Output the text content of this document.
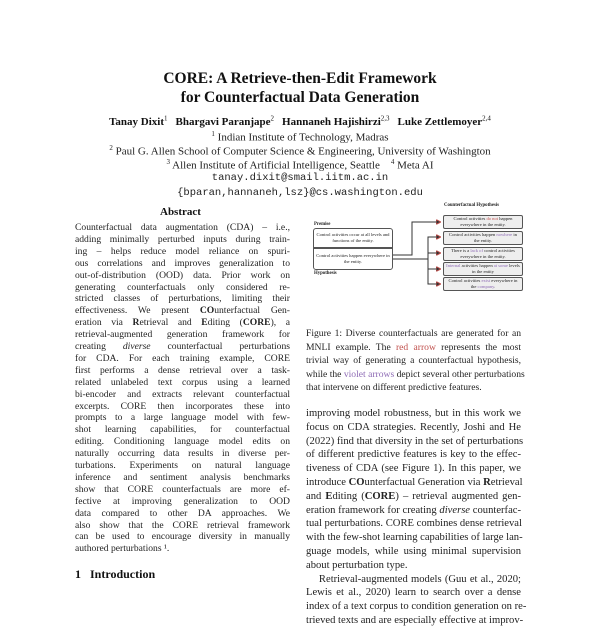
CORE: A Retrieve-then-Edit Framework
for Counterfactual Data Generation
Tanay Dixit$^1$ Bhargavi Paranjape$^2$ Hannaneh Hajishirzi$^{2,3}$ Luke Zettlemoyer$^{2,4}$
$^1$ Indian Institute of Technology, Madras
$^2$ Paul G. Allen School of Computer Science & Engineering, University of Washington
$^3$ Allen Institute of Artificial Intelligence, Seattle $^4$ Meta AI
tanay.dixit@smail.iitm.ac.in
{bparan,hannaneh,lsz}@cs.washington.edu
Abstract
Counterfactual data augmentation (CDA) – i.e.,
adding minimally perturbed inputs during train-
ing – helps reduce model reliance on spuri-
ous correlations and improves generalization to
out-of-distribution (OOD) data. Prior work on
generating counterfactuals only considered re-
stricted classes of perturbations, limiting their
effectiveness. We present COunterfactual Gen-
eration via Retrieval and Editing (CORE), a
retrieval-augmented generation framework for
creating diverse counterfactual perturbations
for CDA. For each training example, CORE
first performs a dense retrieval over a task-
related unlabeled text corpus using a learned
bi-encoder and extracts relevant counterfactual
excerpts. CORE then incorporates these into
prompts to a large language model with few-
shot learning capabilities, for counterfactual
editing. Conditioning language model edits on
naturally occurring data results in diverse per-
turbations. Experiments on natural language
inference and sentiment analysis benchmarks
show that CORE counterfactuals are more ef-
fective at improving generalization to OOD
data compared to other DA approaches. We
also show that the CORE retrieval framework
can be used to encourage diversity in manually
authored perturbations ¹.
1 Introduction
Counterfactual Hypothesis
Premise
Control activities occur at all levels and functions of the entity.
Control activities happen everywhere in the entity.
Hypothesis
Control activities do not happen everywhere in the entity.
Control activities happen nowhere in the entity.
There is a lack of control activities everywhere in the entity.
Internal activities happen at some levels in the entity
Control activities exist everywhere in the company.
Figure 1: Diverse counterfactuals are generated for an
MNLI example. The red arrow represents the most
trivial way of generating a counterfactual hypothesis,
while the violet arrows depict several other perturbations
that intervene on different predictive features.
improving model robustness, but in this work we
focus on CDA strategies. Recently, Joshi and He
(2022) find that diversity in the set of perturbations
of different predictive features is key to the effec-
tiveness of CDA (see Figure 1). In this paper, we
introduce COunterfactual Generation via Retrieval
and Editing (CORE) – retrieval augmented gen-
eration framework for creating diverse counterfac-
tual perturbations. CORE combines dense retrieval
with the few-shot learning capabilities of large lan-
guage models, while using minimal supervision
about perturbation type.
Retrieval-augmented models (Guu et al., 2020;
Lewis et al., 2020) learn to search over a dense
index of a text corpus to condition generation on re-
trieved texts and are especially effective at improv-
